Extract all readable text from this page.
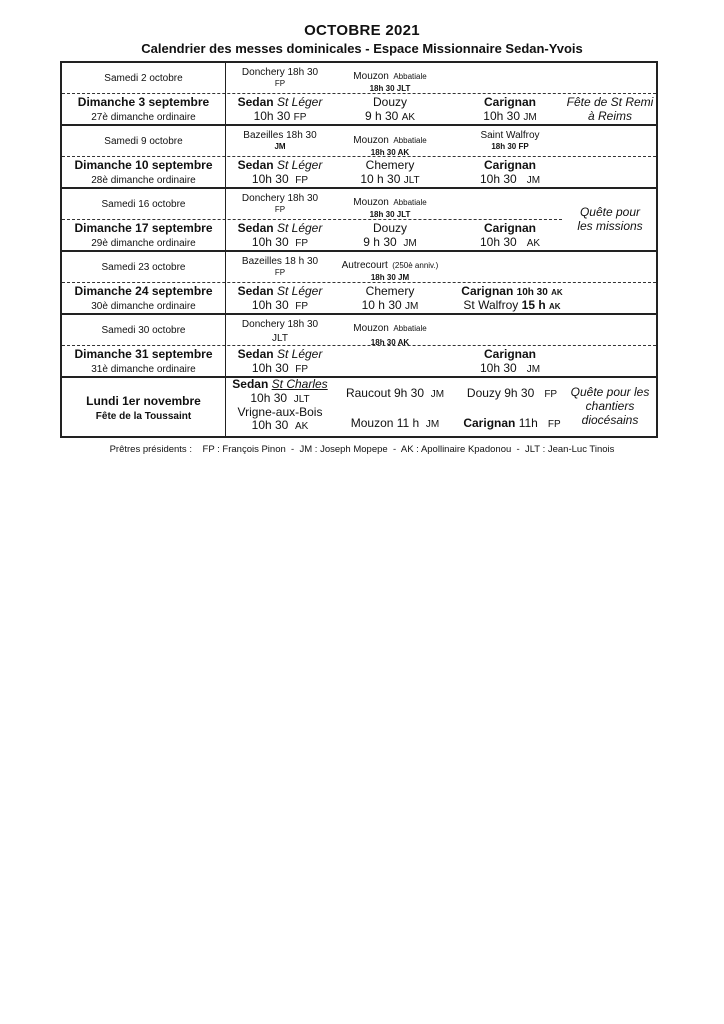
OCTOBRE 2021
Calendrier des messes dominicales - Espace Missionnaire Sedan-Yvois
Samedi 2 octobre
Donchery 18h 30
FP
Mouzon Abbatiale
18h 30 JLT
Dimanche 3 septembre
27è dimanche ordinaire
Sedan St Léger
10h 30 FP
Douzy
9 h 30 AK
Carignan
10h 30 JM
Fête de St Remi
à Reims
Samedi 9 octobre
Bazeilles 18h 30
JM	Mouzon Abbatiale
18h 30 AK
Saint Walfroy
18h 30 FP
Dimanche 10 septembre
28è dimanche ordinaire
Sedan St Léger
10h 30 FP
Chemery
10 h 30 JLT
Carignan
10h 30 JM
Samedi 16 octobre
Donchery 18h 30
FP
Mouzon Abbatiale
18h 30 JLT	Quête pour
les missions
Dimanche 17 septembre
29è dimanche ordinaire
Sedan St Léger
10h 30 FP
Douzy
9 h 30 JM
Carignan
10h 30 AK
Samedi 23 octobre
Bazeilles 18 h 30
FP
Autrecourt (250è anniv.)
18h 30 JM
Dimanche 24 septembre
30è dimanche ordinaire
Sedan St Léger
10h 30 FP
Chemery
10 h 30 JM
Carignan 10h 30 AK
St Walfroy 15 h AK
Samedi 30 octobre
Donchery 18h 30
JLT
Mouzon Abbatiale
18h 30 AK
Dimanche 31 septembre
31è dimanche ordinaire
Sedan St Léger
10h 30 FP
Carignan
10h 30 JM
Lundi 1er novembre
Fête de la Toussaint
Sedan St Charles
10h 30 JLT
Vrigne-aux-Bois
10h 30 AK
Raucout 9h 30 JM
Mouzon 11 h JM
Douzy 9h 30 FP
Carignan 11h FP
Quête pour les
chantiers
diocésains
Prêtres présidents :    FP : François Pinon  -  JM : Joseph Mopepe  -  AK : Apollinaire Kpadonou  -  JLT : Jean-Luc Tinois
